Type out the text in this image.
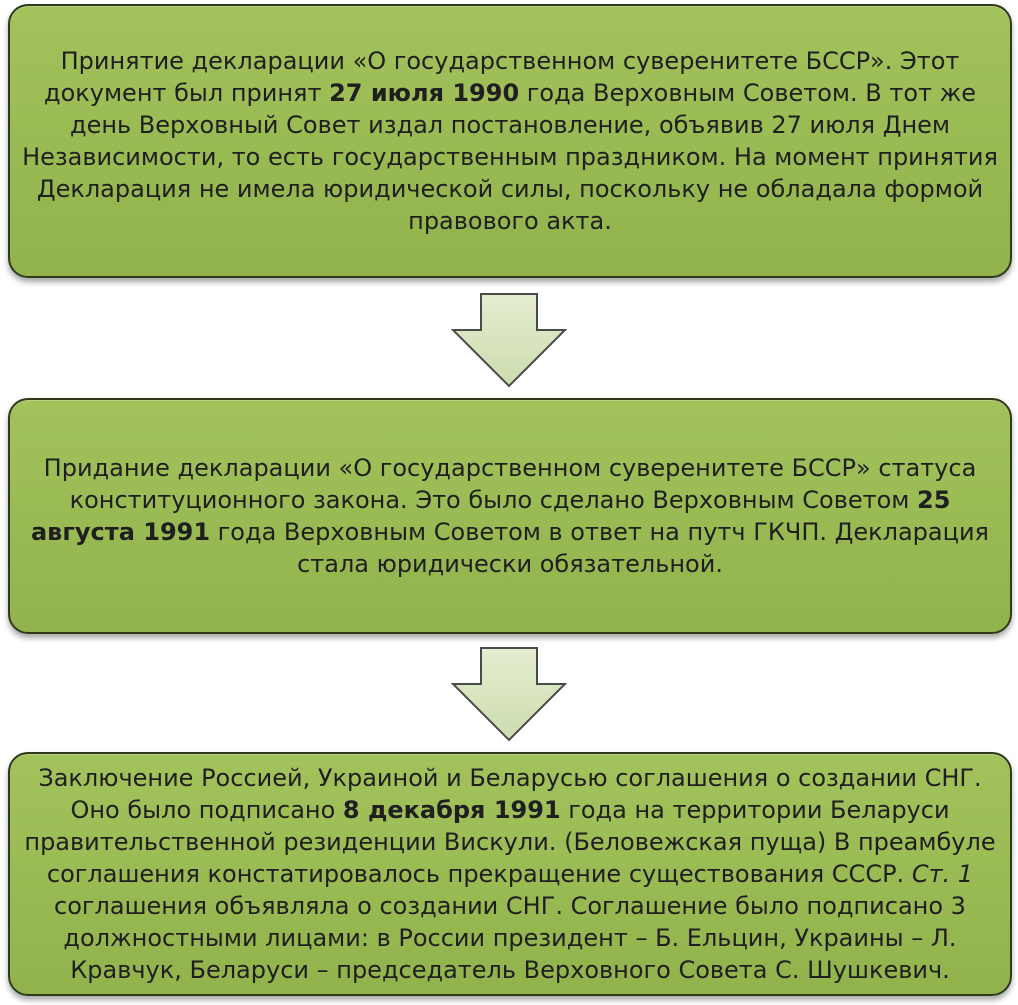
Принятие декларации «О государственном суверенитете БССР». Этот документ был принят 27 июля 1990 года Верховным Советом. В тот же день Верховный Совет издал постановление, объявив 27 июля Днем Независимости, то есть государственным праздником. На момент принятия Декларация не имела юридической силы, поскольку не обладала формой правового акта.

Придание декларации «О государственном суверенитете БССР» статуса конституционного закона. Это было сделано Верховным Советом 25 августа 1991 года Верховным Советом в ответ на путч ГКЧП. Декларация стала юридически обязательной.

Заключение Россией, Украиной и Беларусью соглашения о создании СНГ. Оно было подписано 8 декабря 1991 года на территории Беларуси правительственной резиденции Вискули. (Беловежская пуща) В преамбуле соглашения констатировалось прекращение существования СССР. Ст. 1 соглашения объявляла о создании СНГ. Соглашение было подписано 3 должностными лицами: в России президент – Б. Ельцин, Украины – Л. Кравчук, Беларуси – председатель Верховного Совета С. Шушкевич.
